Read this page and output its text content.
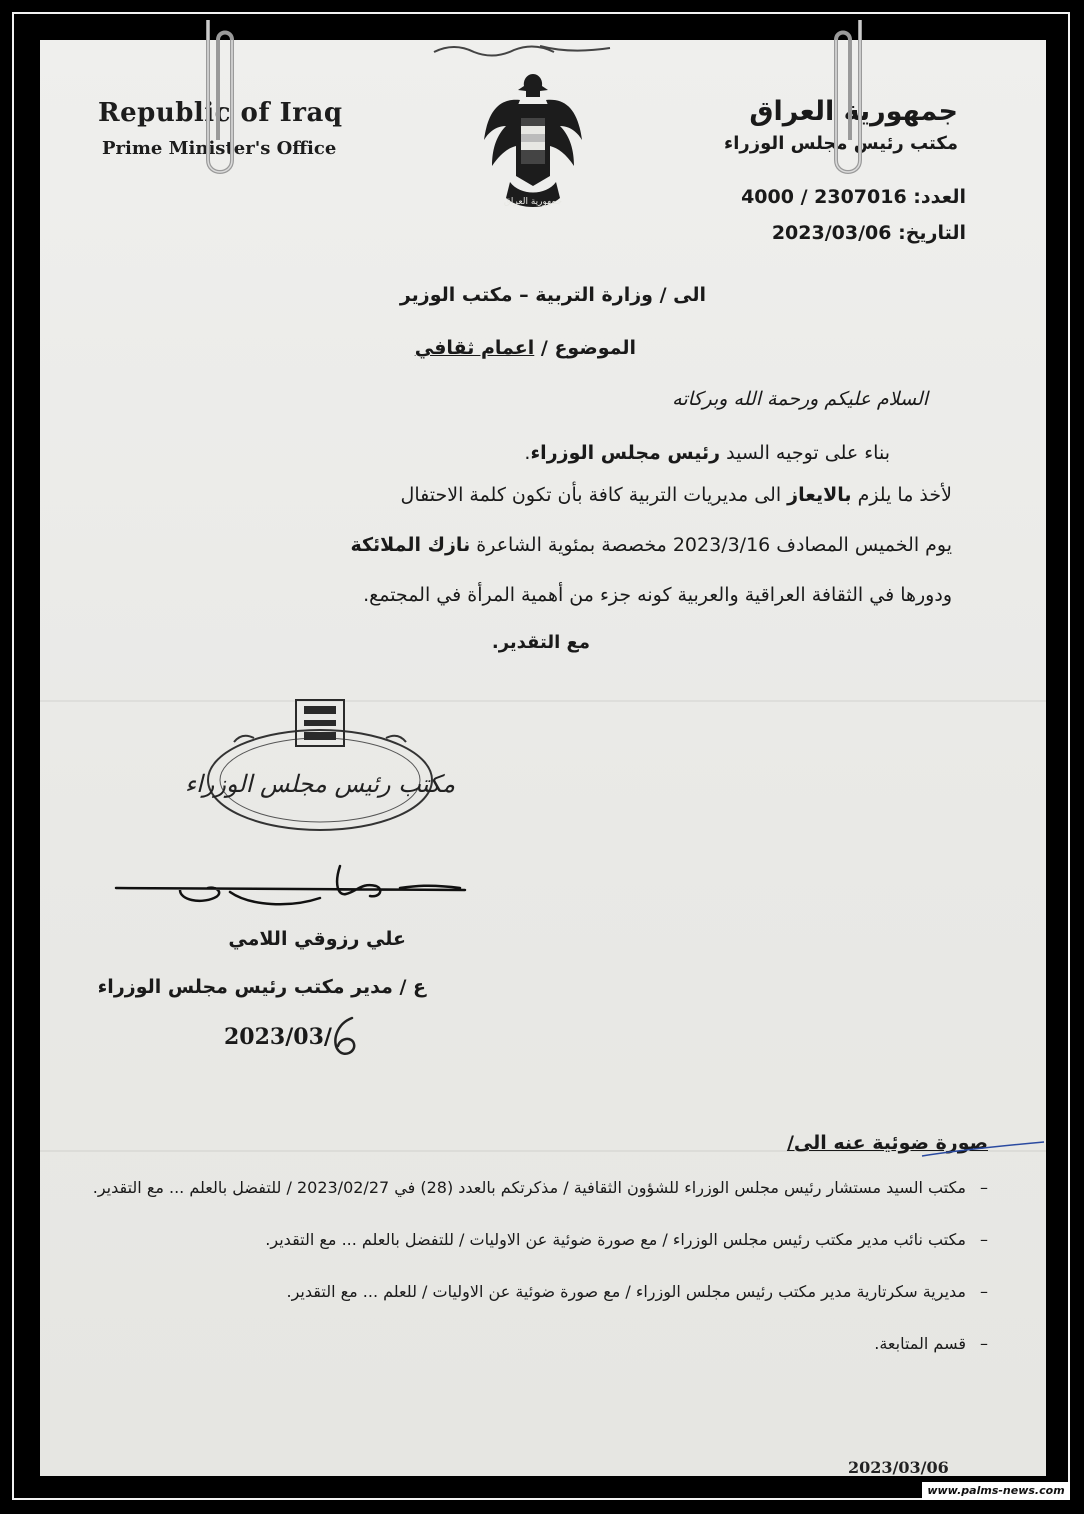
Republic of Iraq
Prime Minister's Office
جمهورية العراق
جمهورية العراق
مكتب رئيس مجلس الوزراء
العدد: 4000 / 2307016
التاريخ: 2023/03/06
الى / وزارة التربية – مكتب الوزير
الموضوع / اعمام ثقافي
السلام عليكم ورحمة الله وبركاته
بناء على توجيه السيد رئيس مجلس الوزراء.
لأخذ ما يلزم بالايعاز الى مديريات التربية كافة بأن تكون كلمة الاحتفال
يوم الخميس المصادف 2023/3/16 مخصصة بمئوية الشاعرة نازك الملائكة
ودورها في الثقافة العراقية والعربية كونه جزء من أهمية المرأة في المجتمع.
مع التقدير.
مكتب رئيس مجلس الوزراء
علي رزوقي اللامي
ع / مدير مكتب رئيس مجلس الوزراء
2023/03/
6
صورة ضوئية عنه الى/
–مكتب السيد مستشار رئيس مجلس الوزراء للشؤون الثقافية / مذكرتكم بالعدد (28) في 2023/02/27 / للتفضل بالعلم ... مع التقدير.
–مكتب نائب مدير مكتب رئيس مجلس الوزراء / مع صورة ضوئية عن الاوليات / للتفضل بالعلم ... مع التقدير.
–مديرية سكرتارية مدير مكتب رئيس مجلس الوزراء / مع صورة ضوئية عن الاوليات / للعلم ... مع التقدير.
–قسم المتابعة.
2023/03/06
www.palms-news.com
